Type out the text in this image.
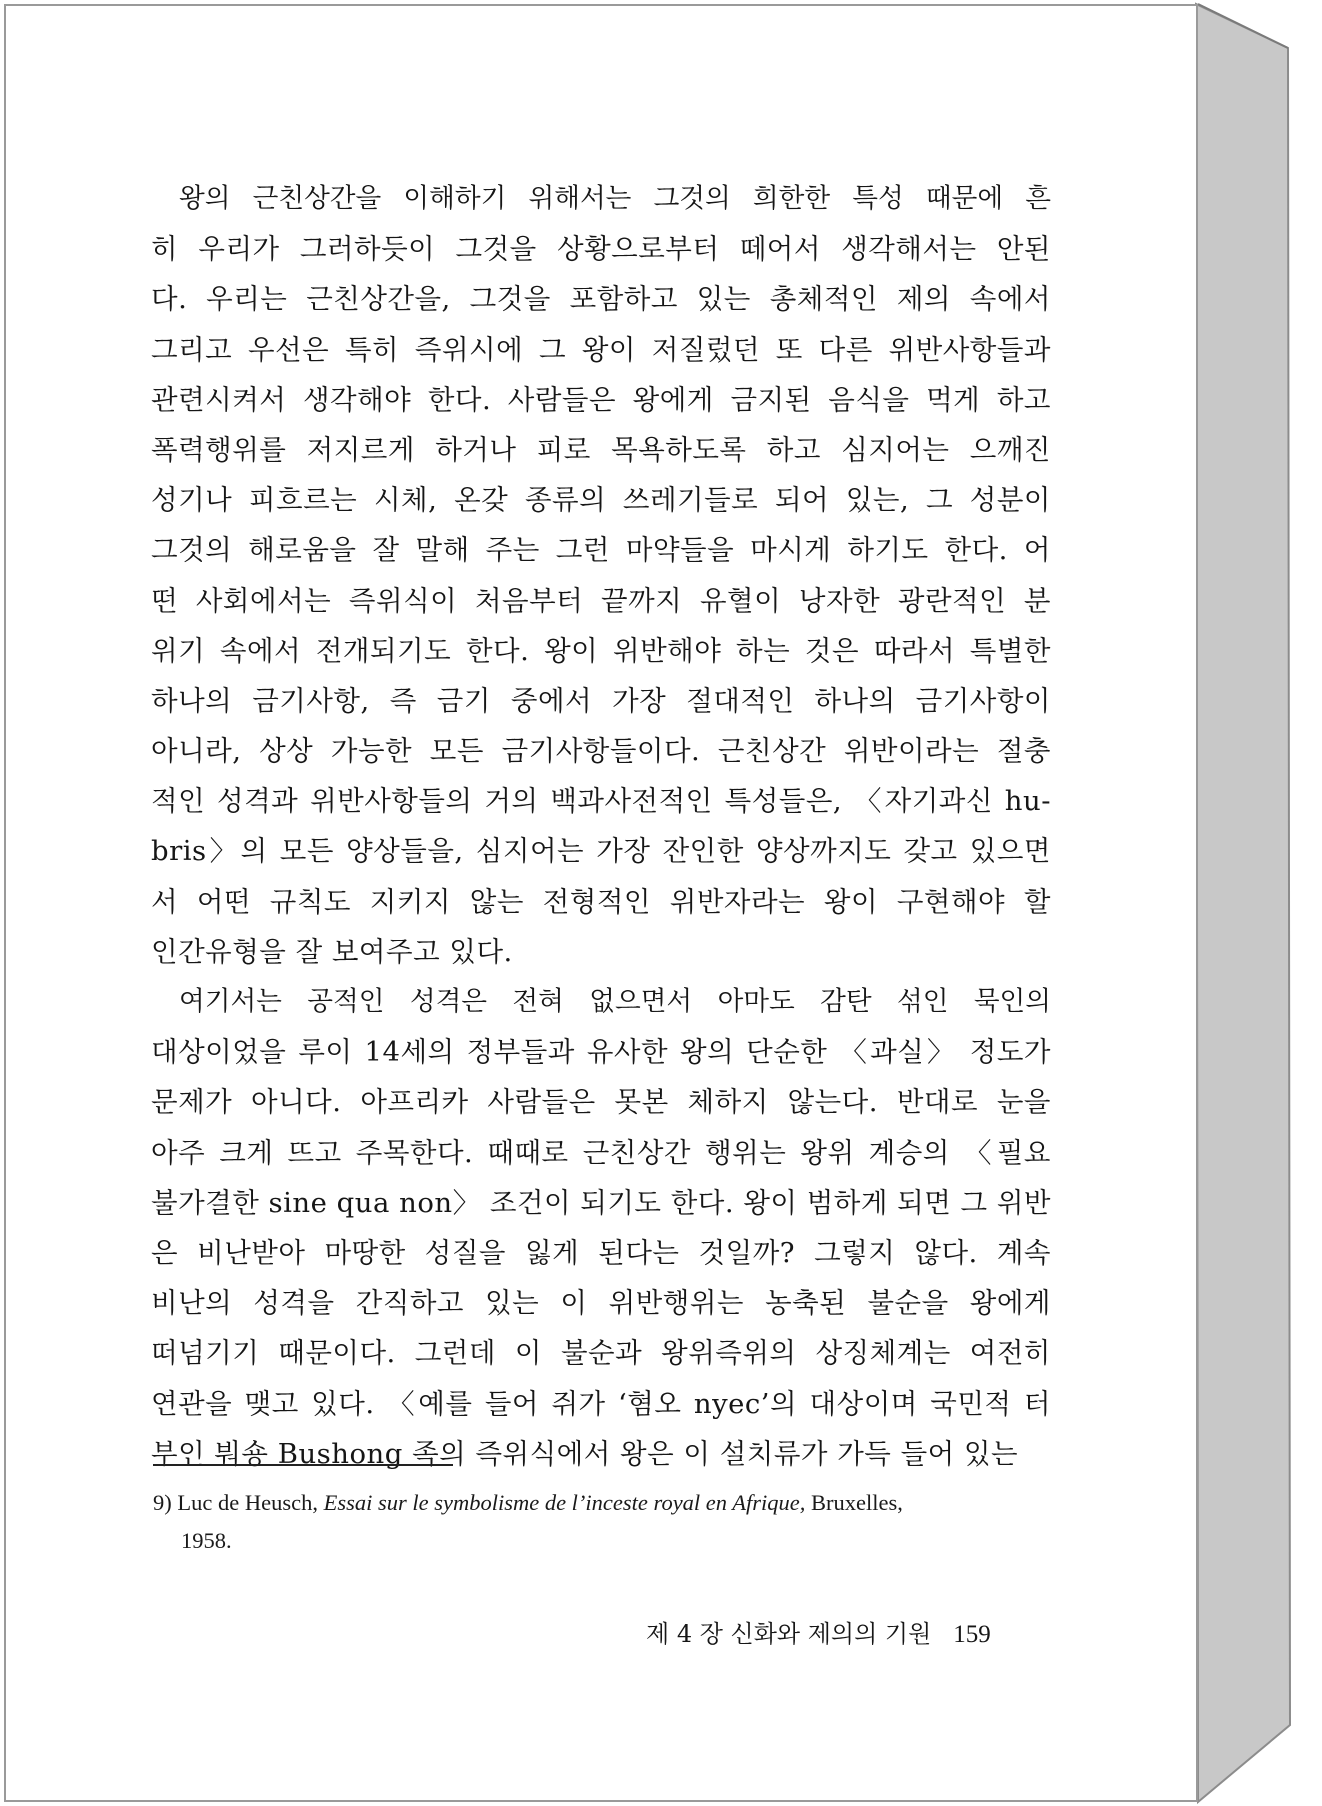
왕의 근친상간을 이해하기 위해서는 그것의 희한한 특성 때문에 흔
히 우리가 그러하듯이 그것을 상황으로부터 떼어서 생각해서는 안된
다. 우리는 근친상간을, 그것을 포함하고 있는 총체적인 제의 속에서
그리고 우선은 특히 즉위시에 그 왕이 저질렀던 또 다른 위반사항들과
관련시켜서 생각해야 한다. 사람들은 왕에게 금지된 음식을 먹게 하고
폭력행위를 저지르게 하거나 피로 목욕하도록 하고 심지어는 으깨진
성기나 피흐르는 시체, 온갖 종류의 쓰레기들로 되어 있는, 그 성분이
그것의 해로움을 잘 말해 주는 그런 마약들을 마시게 하기도 한다. 어
떤 사회에서는 즉위식이 처음부터 끝까지 유혈이 낭자한 광란적인 분
위기 속에서 전개되기도 한다. 왕이 위반해야 하는 것은 따라서 특별한
하나의 금기사항, 즉 금기 중에서 가장 절대적인 하나의 금기사항이
아니라, 상상 가능한 모든 금기사항들이다. 근친상간 위반이라는 절충
적인 성격과 위반사항들의 거의 백과사전적인 특성들은, 〈자기과신 hu-
bris〉의 모든 양상들을, 심지어는 가장 잔인한 양상까지도 갖고 있으면
서 어떤 규칙도 지키지 않는 전형적인 위반자라는 왕이 구현해야 할
인간유형을 잘 보여주고 있다.
여기서는 공적인 성격은 전혀 없으면서 아마도 감탄 섞인 묵인의
대상이었을 루이 14세의 정부들과 유사한 왕의 단순한 〈과실〉 정도가
문제가 아니다. 아프리카 사람들은 못본 체하지 않는다. 반대로 눈을
아주 크게 뜨고 주목한다. 때때로 근친상간 행위는 왕위 계승의 〈필요
불가결한 sine qua non〉 조건이 되기도 한다. 왕이 범하게 되면 그 위반
은 비난받아 마땅한 성질을 잃게 된다는 것일까? 그렇지 않다. 계속
비난의 성격을 간직하고 있는 이 위반행위는 농축된 불순을 왕에게
떠넘기기 때문이다. 그런데 이 불순과 왕위즉위의 상징체계는 여전히
연관을 맺고 있다. 〈예를 들어 쥐가 ‘혐오 nyec’의 대상이며 국민적 터
부인 붜숑 Bushong 족의 즉위식에서 왕은 이 설치류가 가득 들어 있는
9) Luc de Heusch, Essai sur le symbolisme de l’inceste royal en Afrique, Bruxelles,
1958.
제 4 장 신화와 제의의 기원 159
